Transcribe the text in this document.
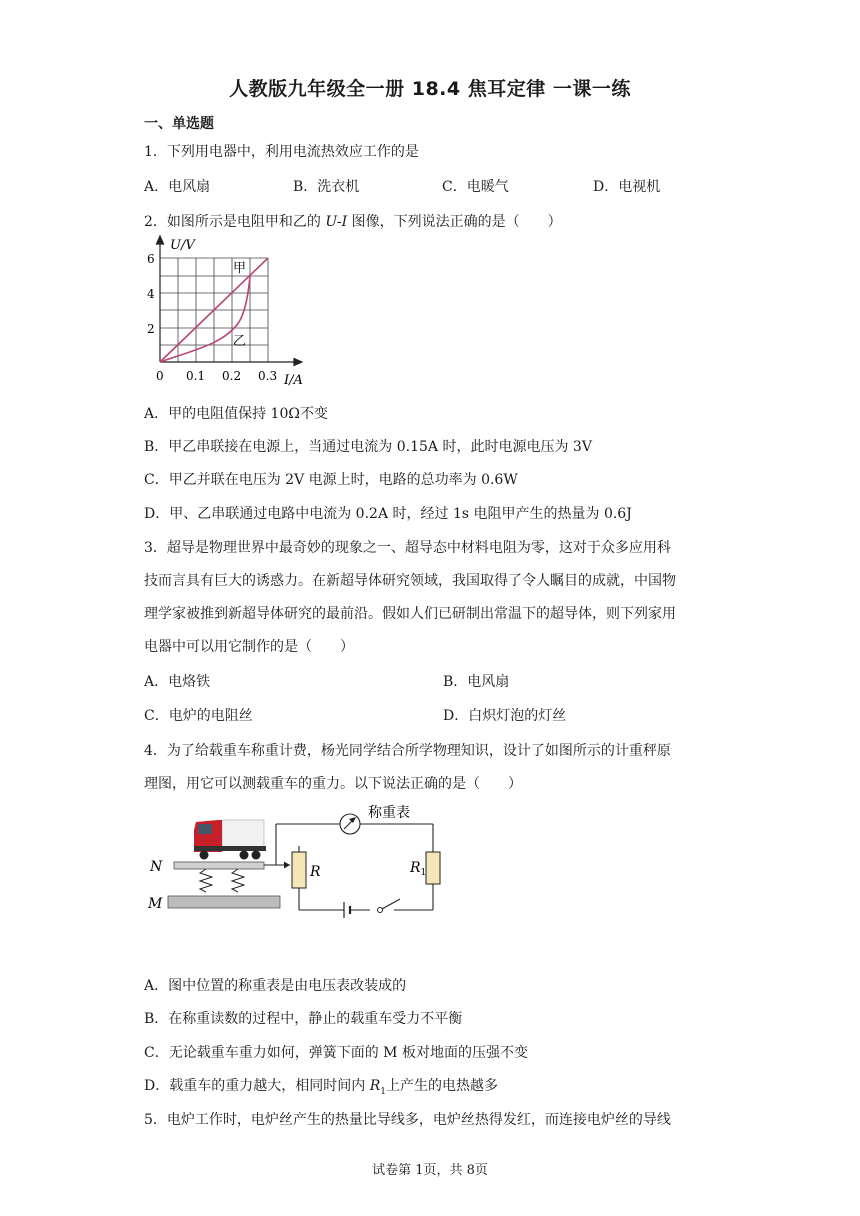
人教版九年级全一册 18.4 焦耳定律 一课一练
一、单选题
1．下列用电器中，利用电流热效应工作的是
A．电风扇	B．洗衣机	C．电暖气	D．电视机
2．如图所示是电阻甲和乙的 U-I 图像，下列说法正确的是（　　）
U/V
I/A
6
4
2
0 0.1 0.2 0.3
甲
乙
A．甲的电阻值保持 10Ω不变
B．甲乙串联接在电源上，当通过电流为 0.15A 时，此时电源电压为 3V
C．甲乙并联在电压为 2V 电源上时，电路的总功率为 0.6W
D．甲、乙串联通过电路中电流为 0.2A 时，经过 1s 电阻甲产生的热量为 0.6J
3．超导是物理世界中最奇妙的现象之一、超导态中材料电阻为零，这对于众多应用科
技而言具有巨大的诱惑力。在新超导体研究领域，我国取得了令人瞩目的成就，中国物
理学家被推到新超导体研究的最前沿。假如人们已研制出常温下的超导体，则下列家用
电器中可以用它制作的是（　　）
A．电烙铁	B．电风扇
C．电炉的电阻丝	D．白炽灯泡的灯丝
4．为了给载重车称重计费，杨光同学结合所学物理知识，设计了如图所示的计重秤原
理图，用它可以测载重车的重力。以下说法正确的是（　　）
N
M
称重表
R	$R_1$
A．图中位置的称重表是由电压表改装成的
B．在称重读数的过程中，静止的载重车受力不平衡
C．无论载重车重力如何，弹簧下面的 M 板对地面的压强不变
D．载重车的重力越大，相同时间内 $R_1$上产生的电热越多
5．电炉工作时，电炉丝产生的热量比导线多，电炉丝热得发红，而连接电炉丝的导线
试卷第 1页，共 8页
